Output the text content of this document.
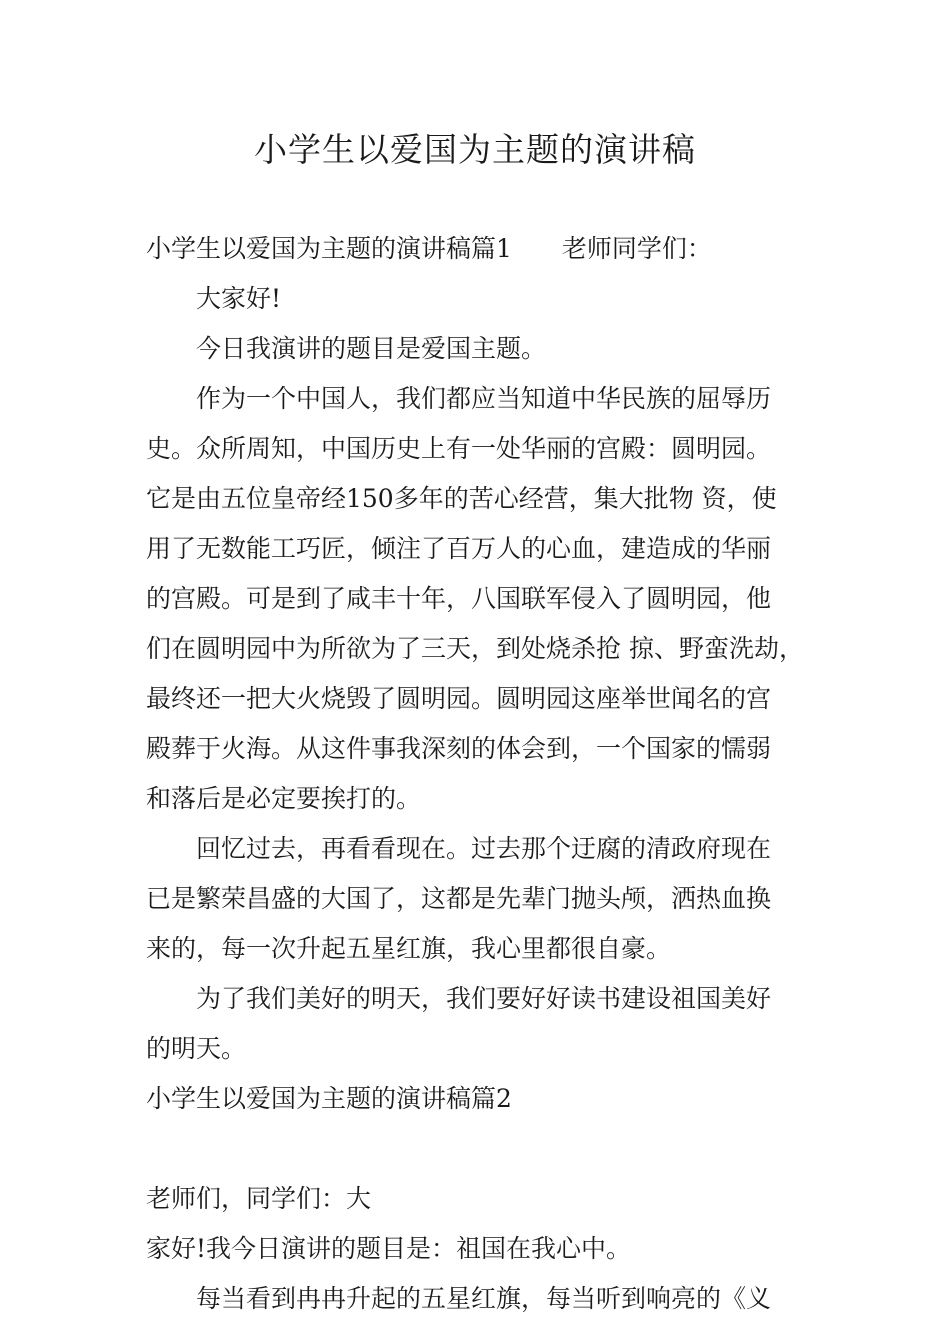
小学生以爱国为主题的演讲稿
小学生以爱国为主题的演讲稿篇1 老师同学们：
大家好!
今日我演讲的题目是爱国主题。
作为一个中国人，我们都应当知道中华民族的屈辱历
史。众所周知，中国历史上有一处华丽的宫殿：圆明园。
它是由五位皇帝经150多年的苦心经营，集大批物 资，使
用了无数能工巧匠，倾注了百万人的心血，建造成的华丽
的宫殿。可是到了咸丰十年，八国联军侵入了圆明园，他
们在圆明园中为所欲为了三天，到处烧杀抢 掠、野蛮洗劫，
最终还一把大火烧毁了圆明园。圆明园这座举世闻名的宫
殿葬于火海。从这件事我深刻的体会到，一个国家的懦弱
和落后是必定要挨打的。
回忆过去，再看看现在。过去那个迂腐的清政府现在
已是繁荣昌盛的大国了，这都是先辈门抛头颅，洒热血换
来的，每一次升起五星红旗，我心里都很自豪。
为了我们美好的明天，我们要好好读书建设祖国美好
的明天。
小学生以爱国为主题的演讲稿篇2
老师们，同学们：大
家好!我今日演讲的题目是：祖国在我心中。
每当看到冉冉升起的五星红旗，每当听到响亮的《义
